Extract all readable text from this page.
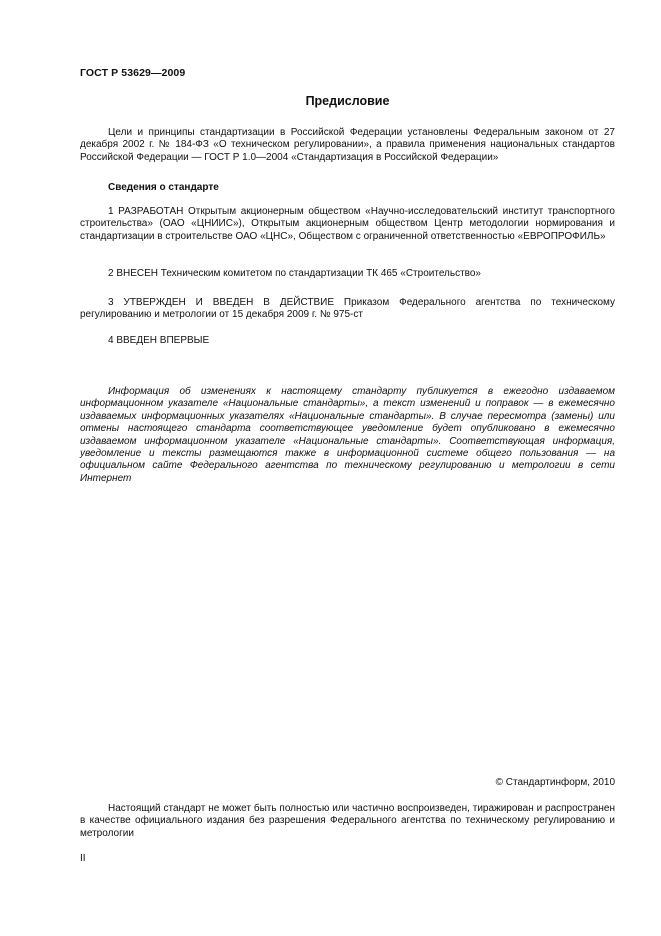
ГОСТ Р 53629—2009
Предисловие

Цели и принципы стандартизации в Российской Федерации установлены Федеральным законом от 27 декабря 2002 г. № 184-ФЗ «О техническом регулировании», а правила применения национальных стандартов Российской Федерации — ГОСТ Р 1.0—2004 «Стандартизация в Российской Федерации»

Сведения о стандарте

1 РАЗРАБОТАН Открытым акционерным обществом «Научно-исследовательский институт транспортного строительства» (ОАО «ЦНИИС»), Открытым акционерным обществом Центр методологии нормирования и стандартизации в строительстве ОАО «ЦНС», Обществом с ограниченной ответственностью «ЕВРОПРОФИЛЬ»

2 ВНЕСЕН Техническим комитетом по стандартизации ТК 465 «Строительство»

3 УТВЕРЖДЕН И ВВЕДЕН В ДЕЙСТВИЕ Приказом Федерального агентства по техническому регулированию и метрологии от 15 декабря 2009 г. № 975-ст

4 ВВЕДЕН ВПЕРВЫЕ

Информация об изменениях к настоящему стандарту публикуется в ежегодно издаваемом информационном указателе «Национальные стандарты», а текст изменений и поправок — в ежемесячно издаваемых информационных указателях «Национальные стандарты». В случае пересмотра (замены) или отмены настоящего стандарта соответствующее уведомление будет опубликовано в ежемесячно издаваемом информационном указателе «Национальные стандарты». Соответствующая информация, уведомление и тексты размещаются также в информационной системе общего пользования — на официальном сайте Федерального агентства по техническому регулированию и метрологии в сети Интернет

© Стандартинформ, 2010

Настоящий стандарт не может быть полностью или частично воспроизведен, тиражирован и распространен в качестве официального издания без разрешения Федерального агентства по техническому регулированию и метрологии

II
